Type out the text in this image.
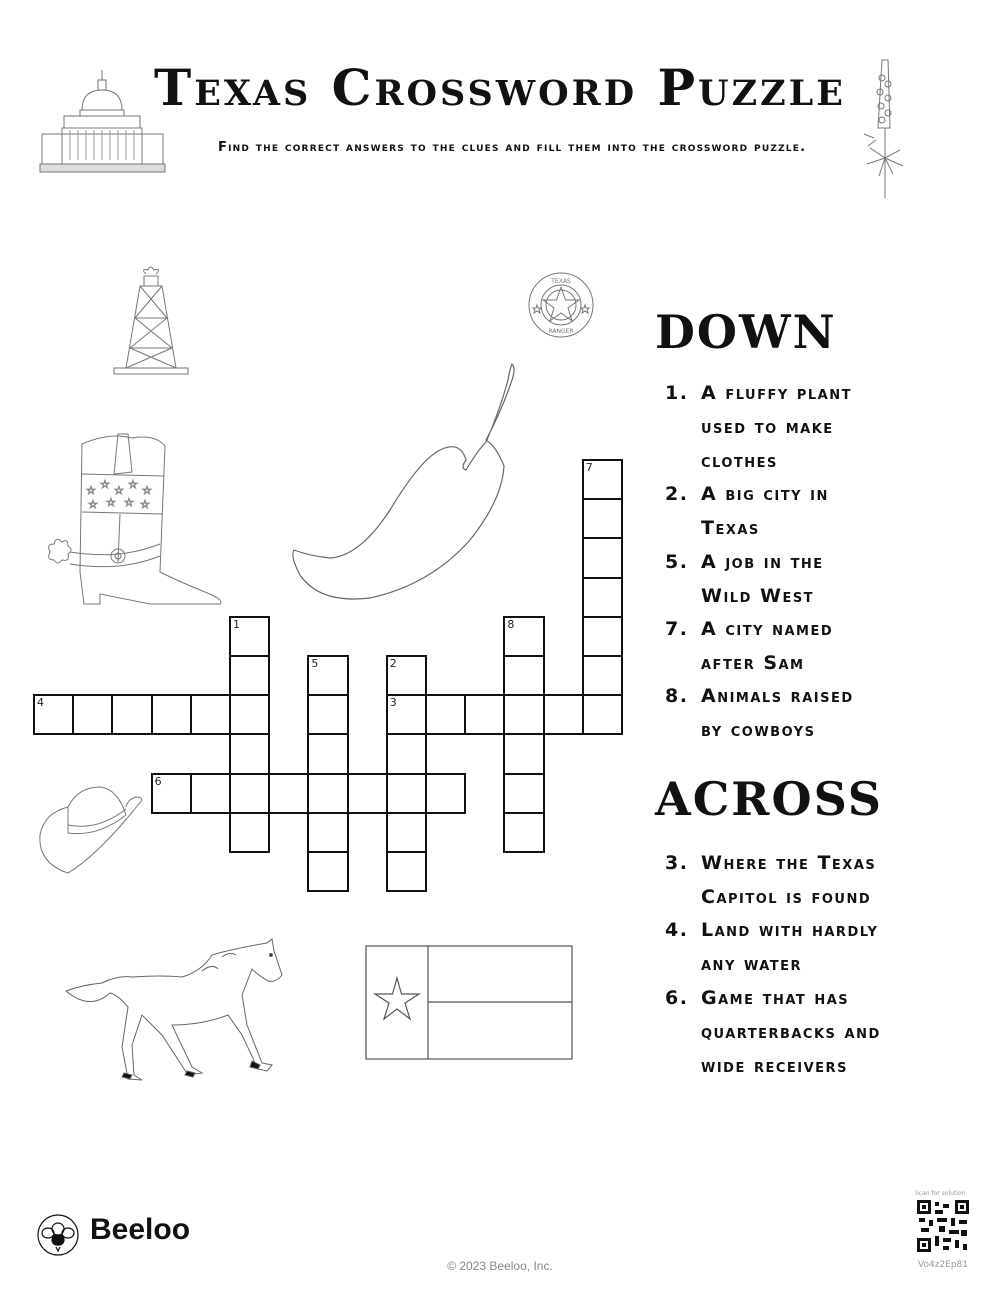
Texas Crossword Puzzle
Find the correct answers to the clues and fill them into the crossword puzzle.
TEXAS
RANGER
☆ ☆ ☆ ☆ ☆
☆ ☆ ☆ ☆
4	3
6
1
5	2
8
7
DOWN
1. A fluffy plant

used to make
clothes
2. A big city in

Texas
5. A job in the

Wild West
7. A city named

after Sam
8. Animals raised

by cowboys
ACROSS
3. Where the Texas

Capitol is found
4. Land with hardly

any water
6. Game that has

quarterbacks and
wide receivers
Beeloo
© 2023 Beeloo, Inc.
Scan for solution
Vo4z2Ep81
